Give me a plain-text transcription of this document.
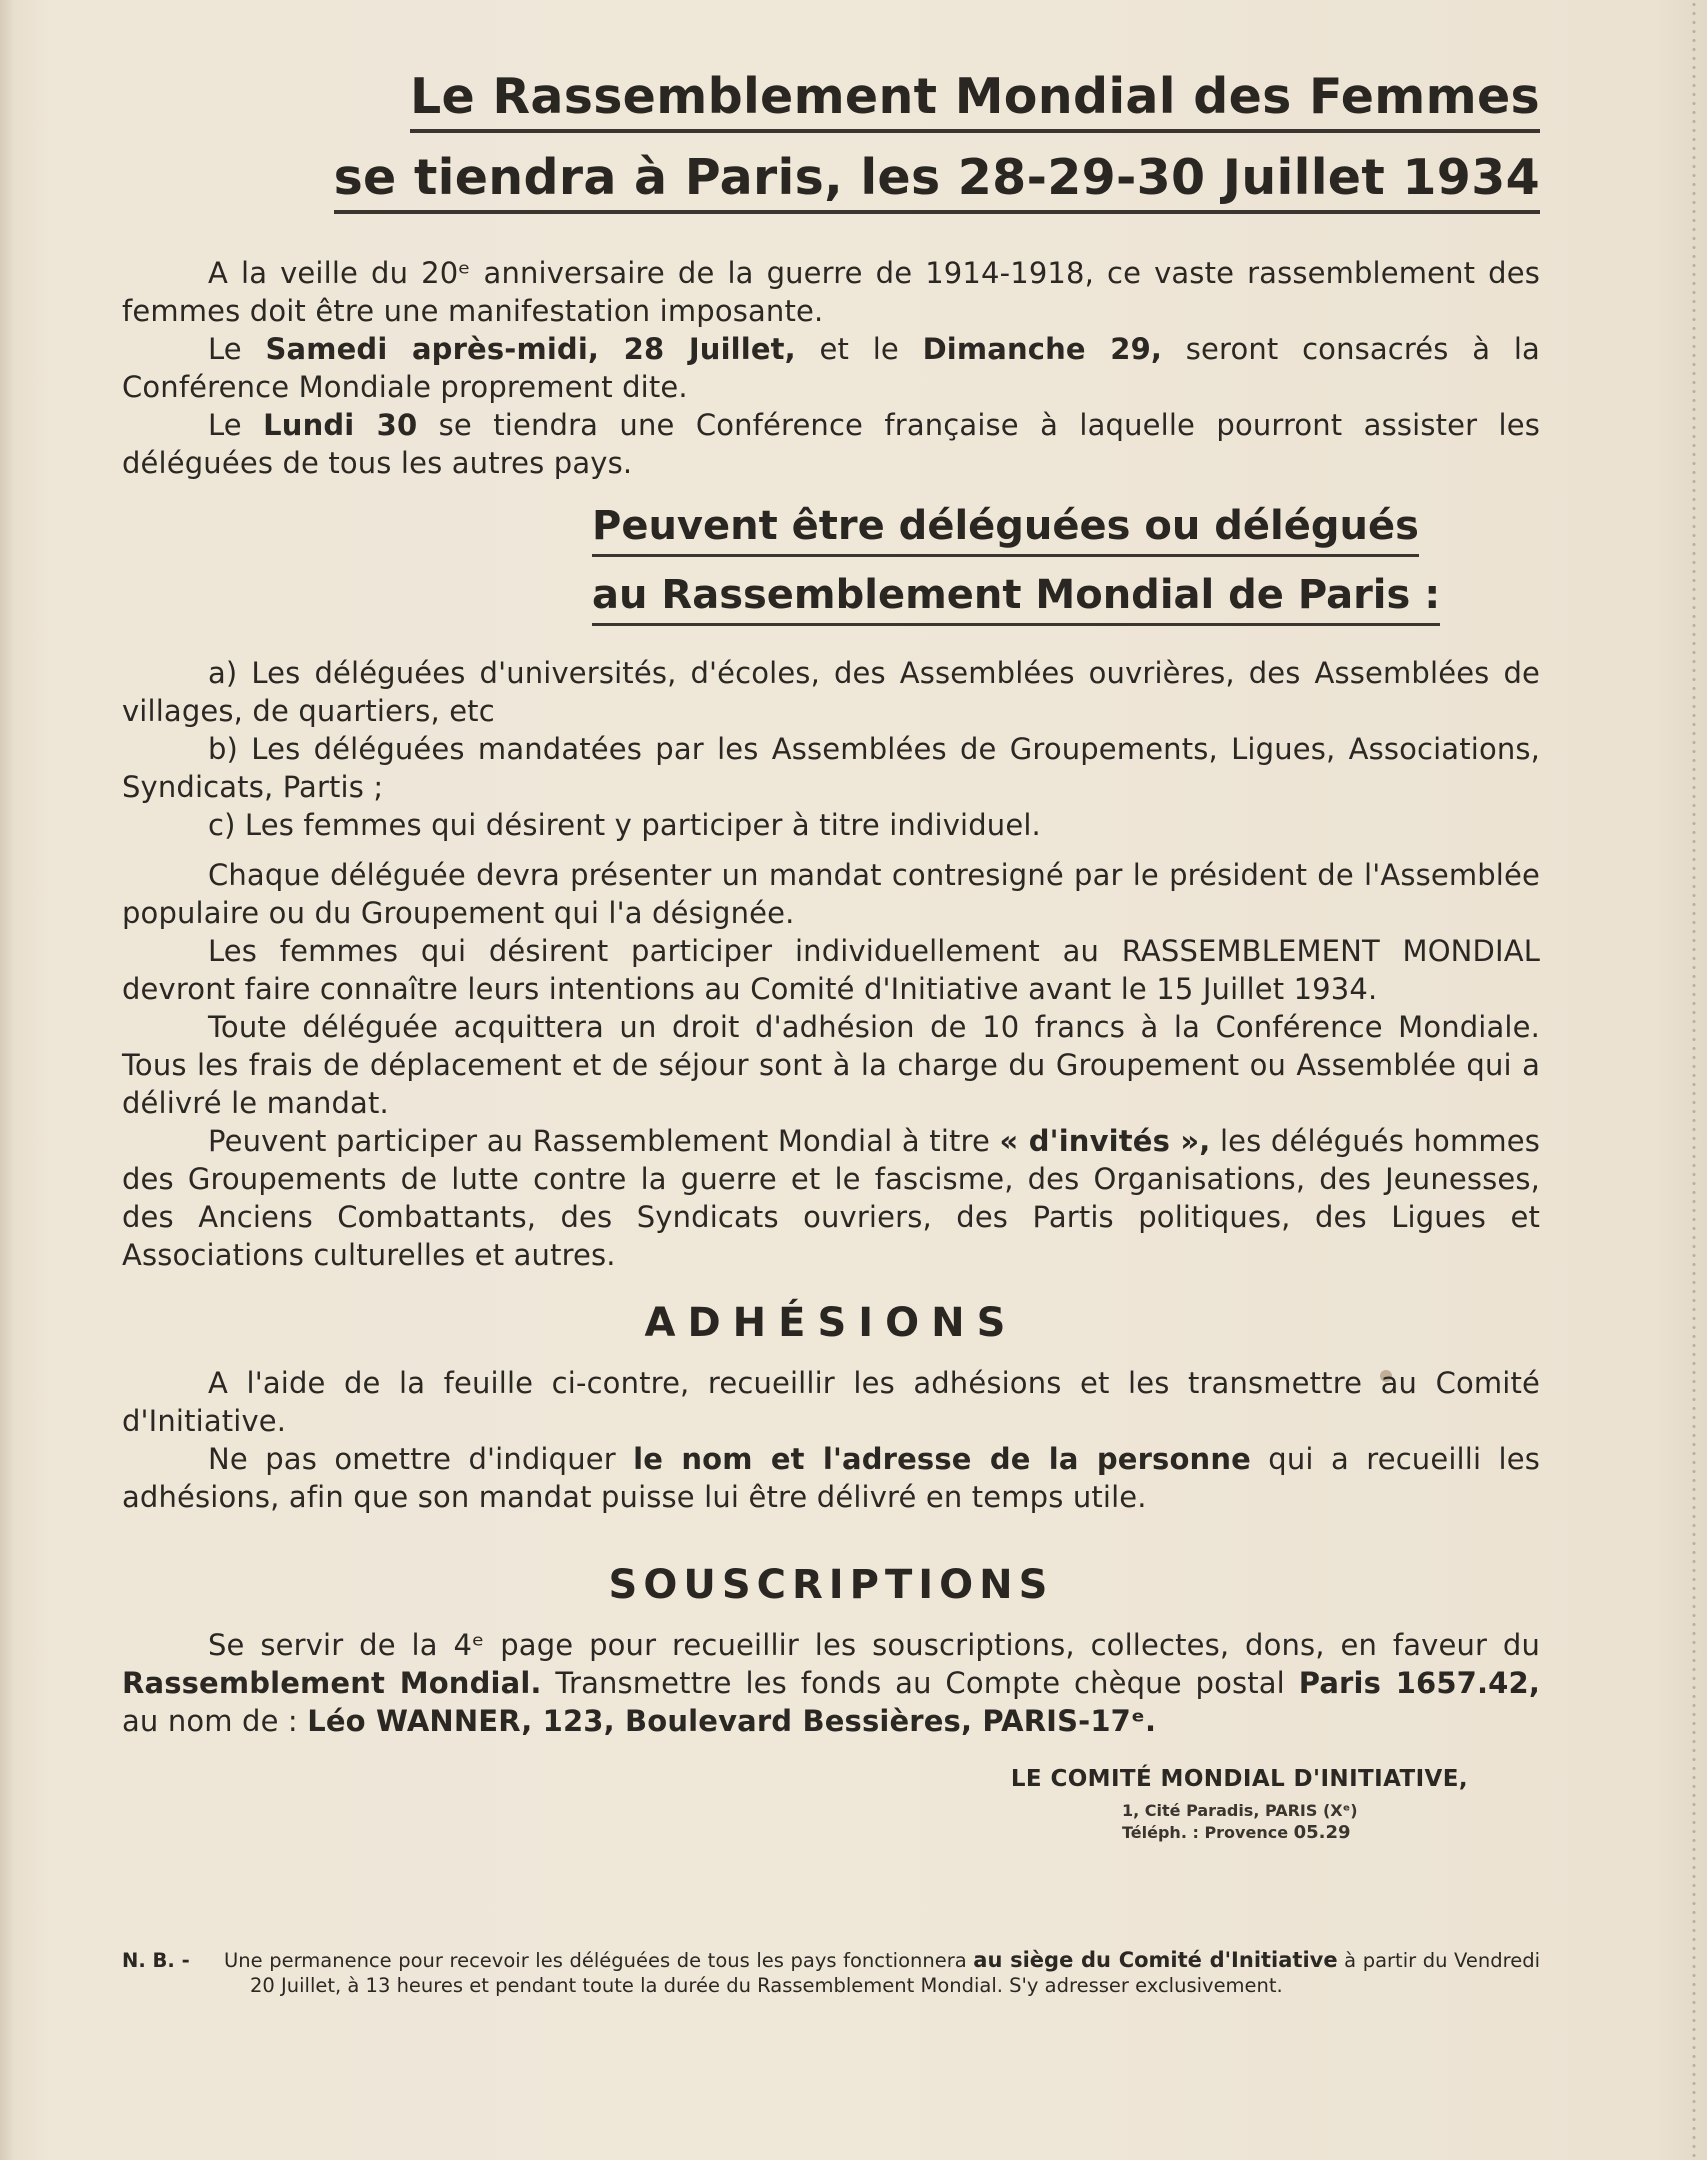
Le Rassemblement Mondial des Femmes
se tiendra à Paris, les 28-29-30 Juillet 1934

A la veille du 20ᵉ anniversaire de la guerre de 1914-1918, ce vaste rassemblement des femmes doit être une manifestation imposante.

Le Samedi après-midi, 28 Juillet, et le Dimanche 29, seront consacrés à la Conférence Mondiale proprement dite.

Le Lundi 30 se tiendra une Conférence française à laquelle pourront assister les déléguées de tous les autres pays.

Peuvent être déléguées ou délégués
au Rassemblement Mondial de Paris :

a) Les déléguées d'universités, d'écoles, des Assemblées ouvrières, des Assemblées de villages, de quartiers, etc

b) Les déléguées mandatées par les Assemblées de Groupements, Ligues, Associations, Syndicats, Partis ;

c) Les femmes qui désirent y participer à titre individuel.

Chaque déléguée devra présenter un mandat contresigné par le président de l'Assemblée populaire ou du Groupement qui l'a désignée.

Les femmes qui désirent participer individuellement au RASSEMBLEMENT MONDIAL devront faire connaître leurs intentions au Comité d'Initiative avant le 15 Juillet 1934.

Toute déléguée acquittera un droit d'adhésion de 10 francs à la Conférence Mondiale. Tous les frais de déplacement et de séjour sont à la charge du Groupement ou Assemblée qui a délivré le mandat.

Peuvent participer au Rassemblement Mondial à titre « d'invités », les délégués hommes des Groupements de lutte contre la guerre et le fascisme, des Organisations, des Jeunesses, des Anciens Combattants, des Syndicats ouvriers, des Partis politiques, des Ligues et Associations culturelles et autres.

ADHÉSIONS

A l'aide de la feuille ci-contre, recueillir les adhésions et les transmettre au Comité d'Initiative.

Ne pas omettre d'indiquer le nom et l'adresse de la personne qui a recueilli les adhésions, afin que son mandat puisse lui être délivré en temps utile.

SOUSCRIPTIONS

Se servir de la 4ᵉ page pour recueillir les souscriptions, collectes, dons, en faveur du Rassemblement Mondial. Transmettre les fonds au Compte chèque postal Paris 1657.42, au nom de : Léo WANNER, 123, Boulevard Bessières, PARIS-17ᵉ.

LE COMITÉ MONDIAL D'INITIATIVE,
1, Cité Paradis, PARIS (Xᵉ)
Téléph. : Provence 05.29
N. B. -	Une permanence pour recevoir les déléguées de tous les pays fonctionnera au siège du Comité d'Initiative à partir du Vendredi 20 Juillet, à 13 heures et pendant toute la durée du Rassemblement Mondial. S'y adresser exclusivement.
